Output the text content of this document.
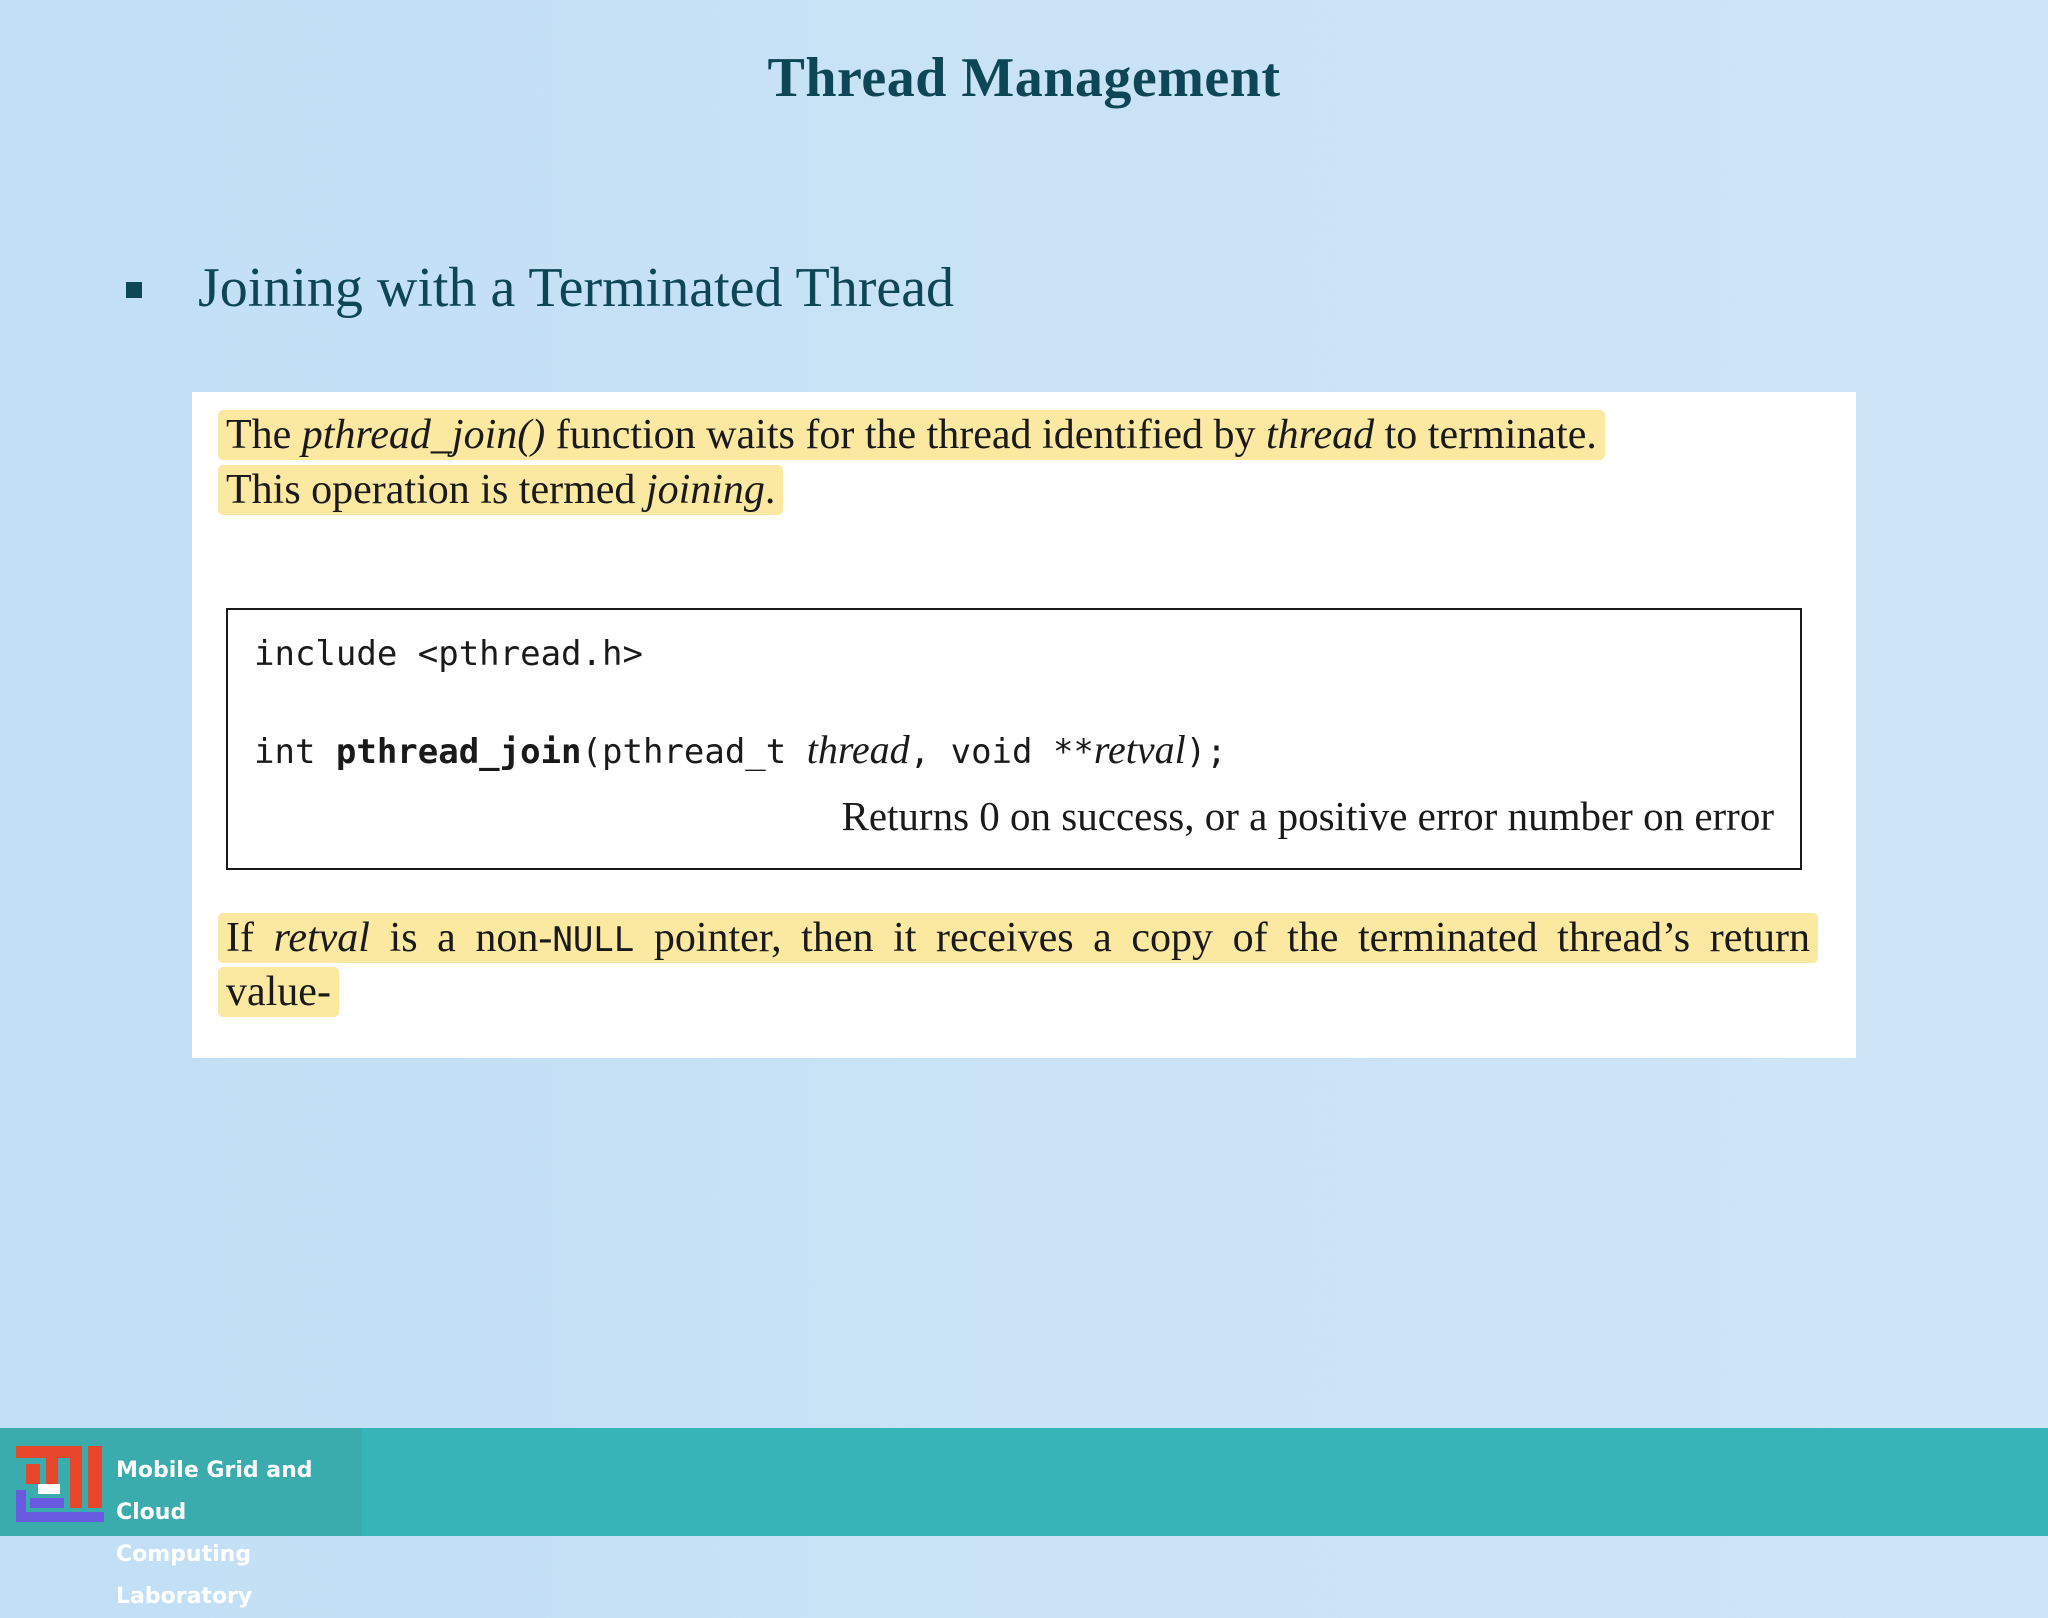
Thread Management
Joining with a Terminated Thread
The pthread_join() function waits for the thread identified by thread to terminate.
This operation is termed joining.
include <pthread.h>
int pthread_join(pthread_t thread, void **retval);
Returns 0 on success, or a positive error number on error
If retval is a non-NULL pointer, then it receives a copy of the terminated thread’s return value-
Mobile Grid and Cloud
Computing Laboratory
